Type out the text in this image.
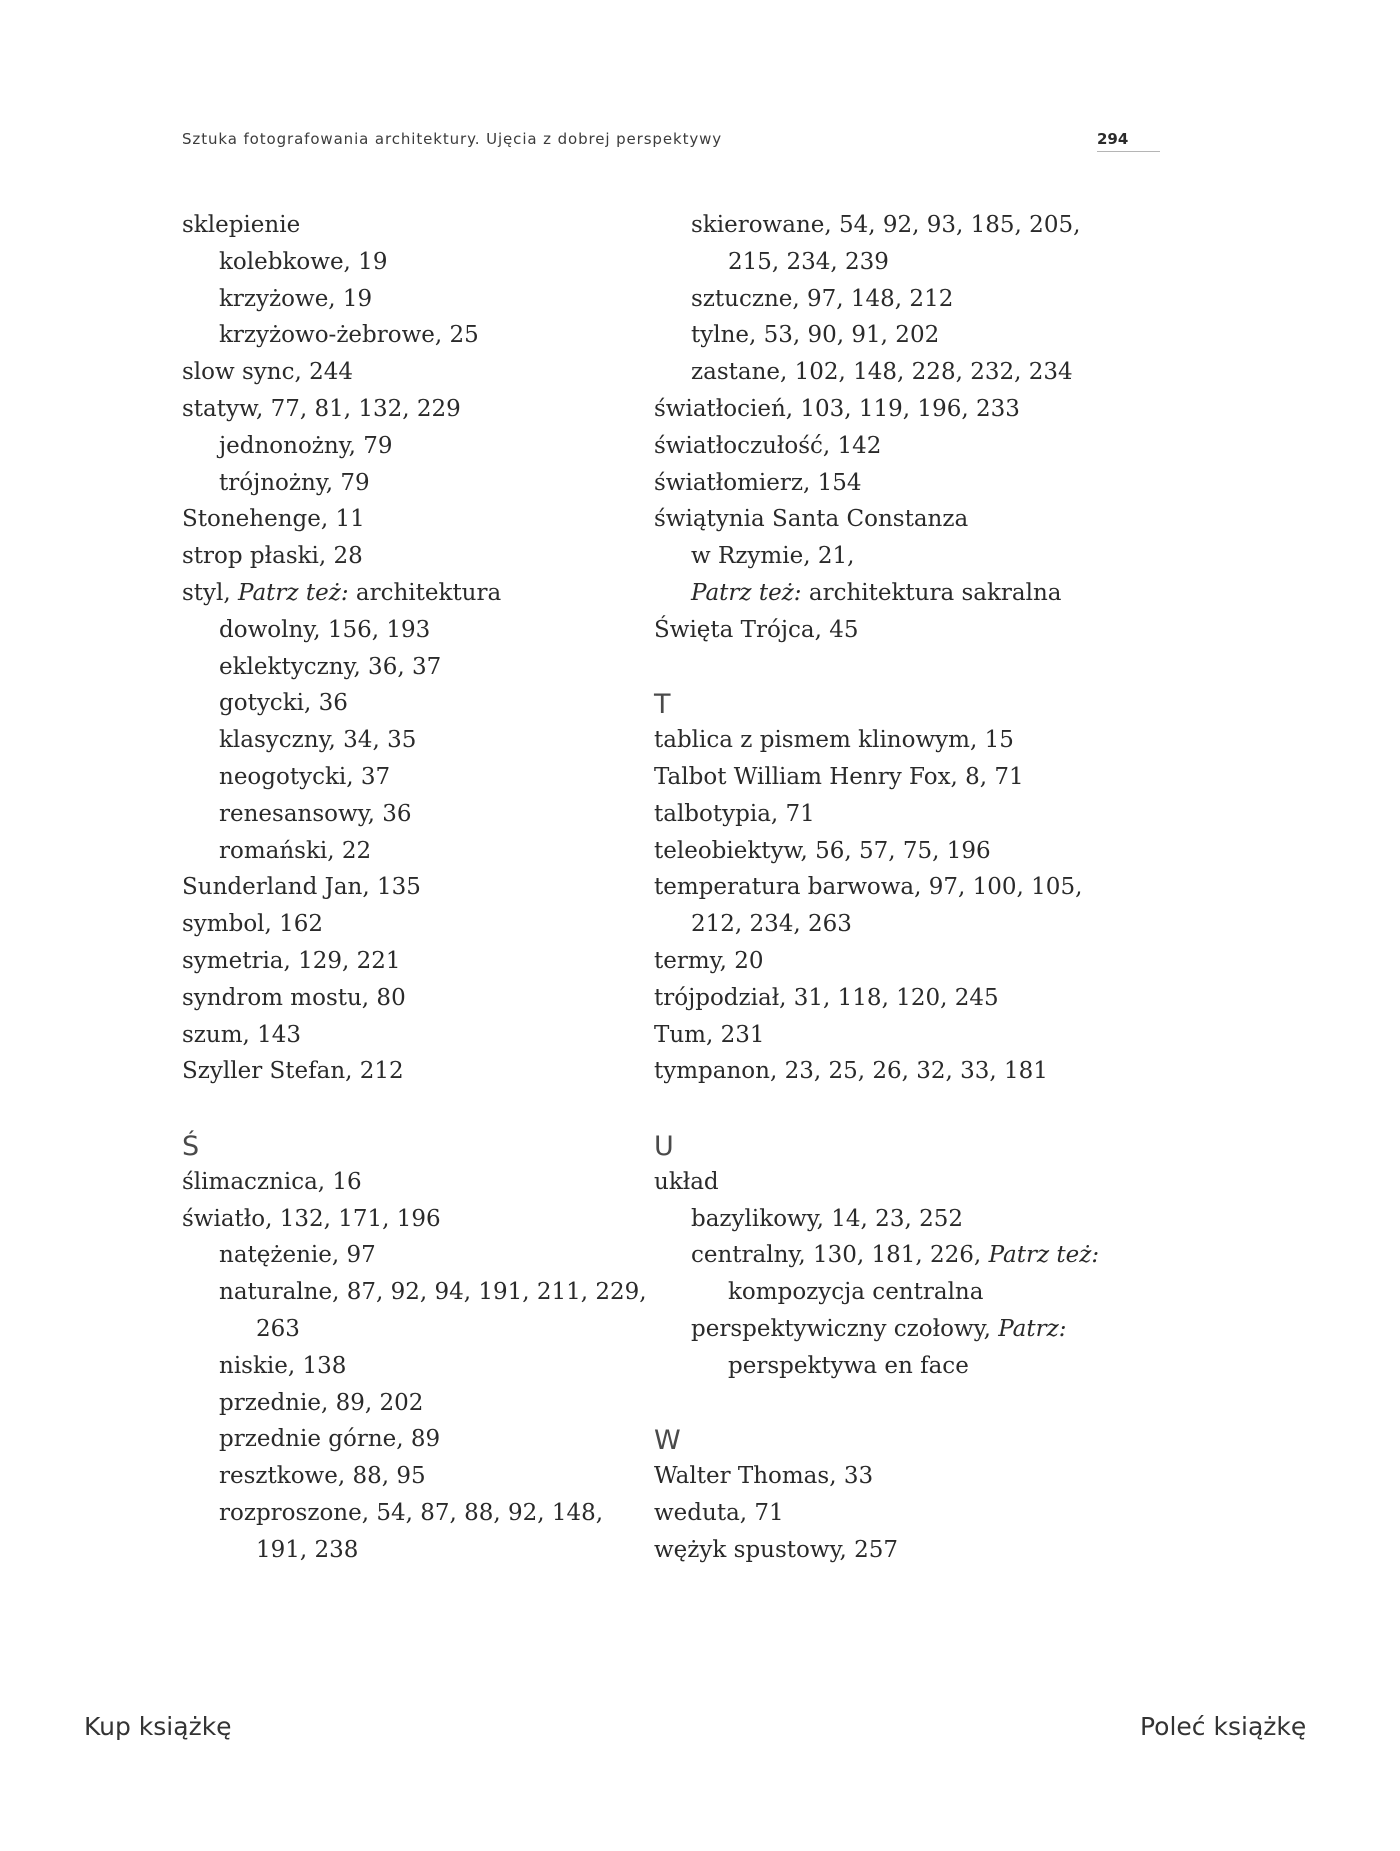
Sztuka fotografowania architektury. Ujęcia z dobrej perspektywy	294
sklepienie
kolebkowe, 19
krzyżowe, 19
krzyżowo-żebrowe, 25
slow sync, 244
statyw, 77, 81, 132, 229
jednonożny, 79
trójnożny, 79
Stonehenge, 11
strop płaski, 28
styl, Patrz też: architektura
dowolny, 156, 193
eklektyczny, 36, 37
gotycki, 36
klasyczny, 34, 35
neogotycki, 37
renesansowy, 36
romański, 22
Sunderland Jan, 135
symbol, 162
symetria, 129, 221
syndrom mostu, 80
szum, 143
Szyller Stefan, 212
Ś
ślimacznica, 16
światło, 132, 171, 196
natężenie, 97
naturalne, 87, 92, 94, 191, 211, 229,
263
niskie, 138
przednie, 89, 202
przednie górne, 89
resztkowe, 88, 95
rozproszone, 54, 87, 88, 92, 148,
191, 238
skierowane, 54, 92, 93, 185, 205,
215, 234, 239
sztuczne, 97, 148, 212
tylne, 53, 90, 91, 202
zastane, 102, 148, 228, 232, 234
światłocień, 103, 119, 196, 233
światłoczułość, 142
światłomierz, 154
świątynia Santa Constanza
w Rzymie, 21,
Patrz też: architektura sakralna
Święta Trójca, 45
T
tablica z pismem klinowym, 15
Talbot William Henry Fox, 8, 71
talbotypia, 71
teleobiektyw, 56, 57, 75, 196
temperatura barwowa, 97, 100, 105,
212, 234, 263
termy, 20
trójpodział, 31, 118, 120, 245
Tum, 231
tympanon, 23, 25, 26, 32, 33, 181
U
układ
bazylikowy, 14, 23, 252
centralny, 130, 181, 226, Patrz też:
kompozycja centralna
perspektywiczny czołowy, Patrz:
perspektywa en face
W
Walter Thomas, 33
weduta, 71
wężyk spustowy, 257
Kup książkę	Poleć książkę
